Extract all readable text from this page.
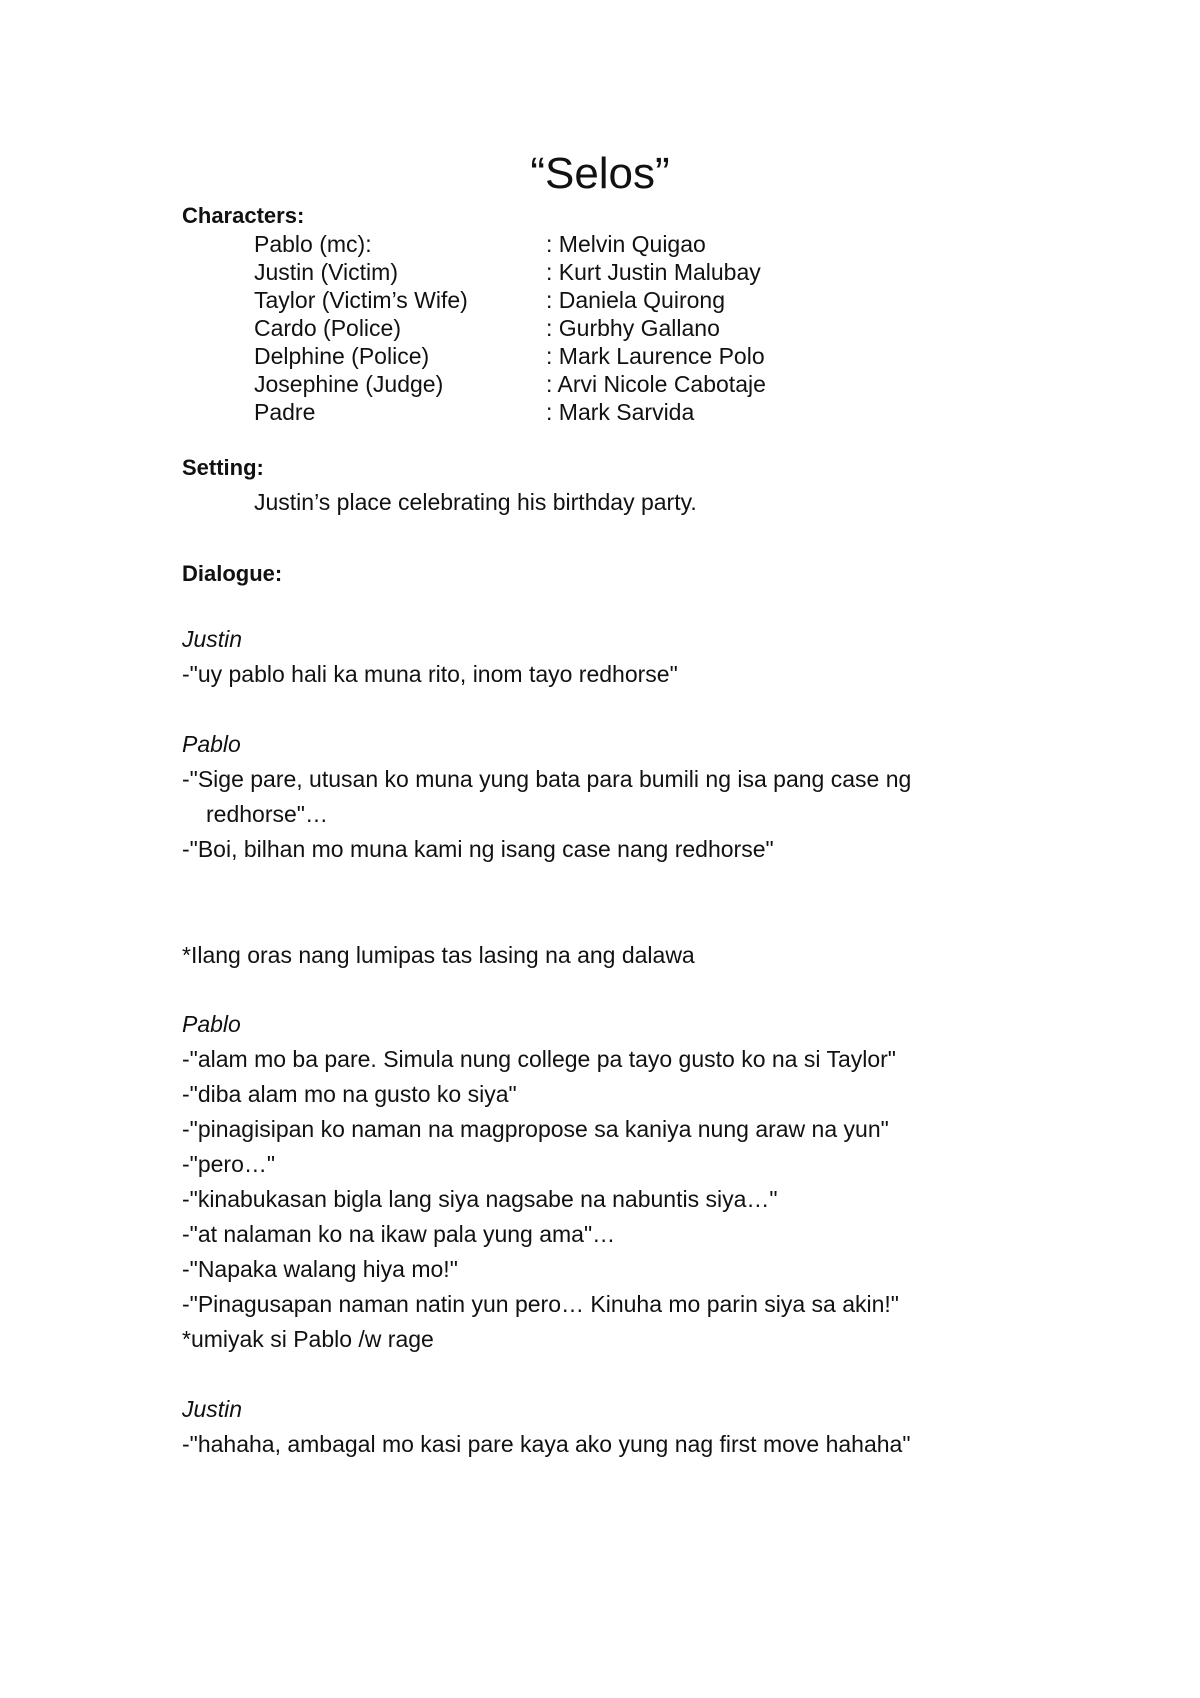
“Selos”
Characters:
Pablo (mc):	: Melvin Quigao
Justin (Victim)	: Kurt Justin Malubay
Taylor (Victim’s Wife)	: Daniela Quirong
Cardo (Police)	: Gurbhy Gallano
Delphine (Police)	: Mark Laurence Polo
Josephine (Judge)	: Arvi Nicole Cabotaje
Padre	: Mark Sarvida
Setting:
Justin’s place celebrating his birthday party.
Dialogue:
Justin
-"uy pablo hali ka muna rito, inom tayo redhorse"
Pablo
-"Sige pare, utusan ko muna yung bata para bumili ng isa pang case ng redhorse"…
-"Boi, bilhan mo muna kami ng isang case nang redhorse"
*Ilang oras nang lumipas tas lasing na ang dalawa
Pablo
-"alam mo ba pare. Simula nung college pa tayo gusto ko na si Taylor"
-"diba alam mo na gusto ko siya"
-"pinagisipan ko naman na magpropose sa kaniya nung araw na yun"
-"pero…"
-"kinabukasan bigla lang siya nagsabe na nabuntis siya…"
-"at nalaman ko na ikaw pala yung ama"…
-"Napaka walang hiya mo!"
-"Pinagusapan naman natin yun pero… Kinuha mo parin siya sa akin!"
*umiyak si Pablo /w rage
Justin
-"hahaha, ambagal mo kasi pare kaya ako yung nag first move hahaha"
